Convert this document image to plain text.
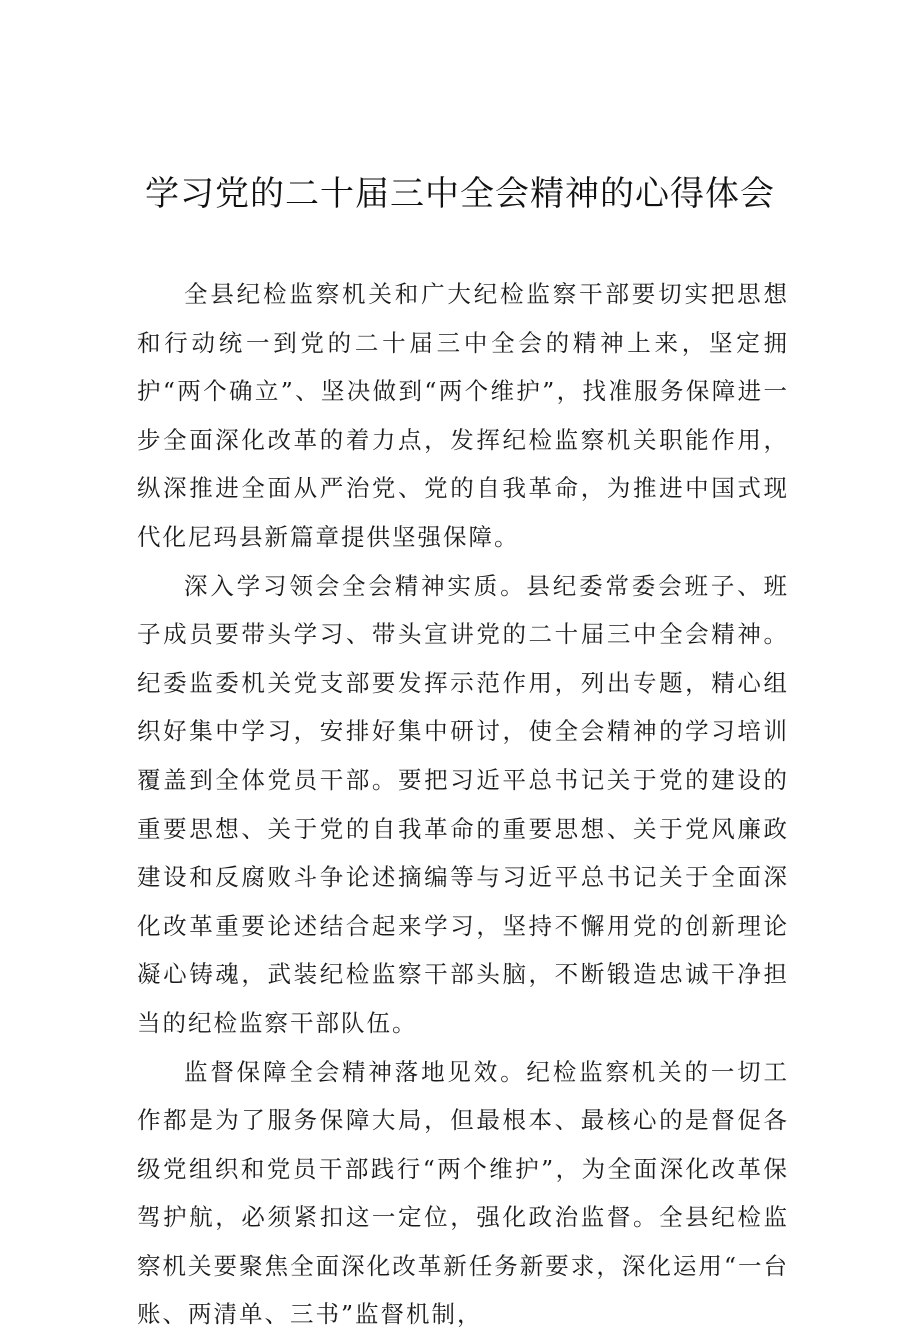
学习党的二十届三中全会精神的心得体会

全县纪检监察机关和广大纪检监察干部要切实把思想和行动统一到党的二十届三中全会的精神上来，坚定拥护“两个确立”、坚决做到“两个维护”，找准服务保障进一步全面深化改革的着力点，发挥纪检监察机关职能作用，纵深推进全面从严治党、党的自我革命，为推进中国式现代化尼玛县新篇章提供坚强保障。

深入学习领会全会精神实质。县纪委常委会班子、班子成员要带头学习、带头宣讲党的二十届三中全会精神。纪委监委机关党支部要发挥示范作用，列出专题，精心组织好集中学习，安排好集中研讨，使全会精神的学习培训覆盖到全体党员干部。要把习近平总书记关于党的建设的重要思想、关于党的自我革命的重要思想、关于党风廉政建设和反腐败斗争论述摘编等与习近平总书记关于全面深化改革重要论述结合起来学习，坚持不懈用党的创新理论凝心铸魂，武装纪检监察干部头脑，不断锻造忠诚干净担当的纪检监察干部队伍。

监督保障全会精神落地见效。纪检监察机关的一切工作都是为了服务保障大局，但最根本、最核心的是督促各级党组织和党员干部践行“两个维护”，为全面深化改革保驾护航，必须紧扣这一定位，强化政治监督。全县纪检监察机关要聚焦全面深化改革新任务新要求，深化运用“一台账、两清单、三书”监督机制，
